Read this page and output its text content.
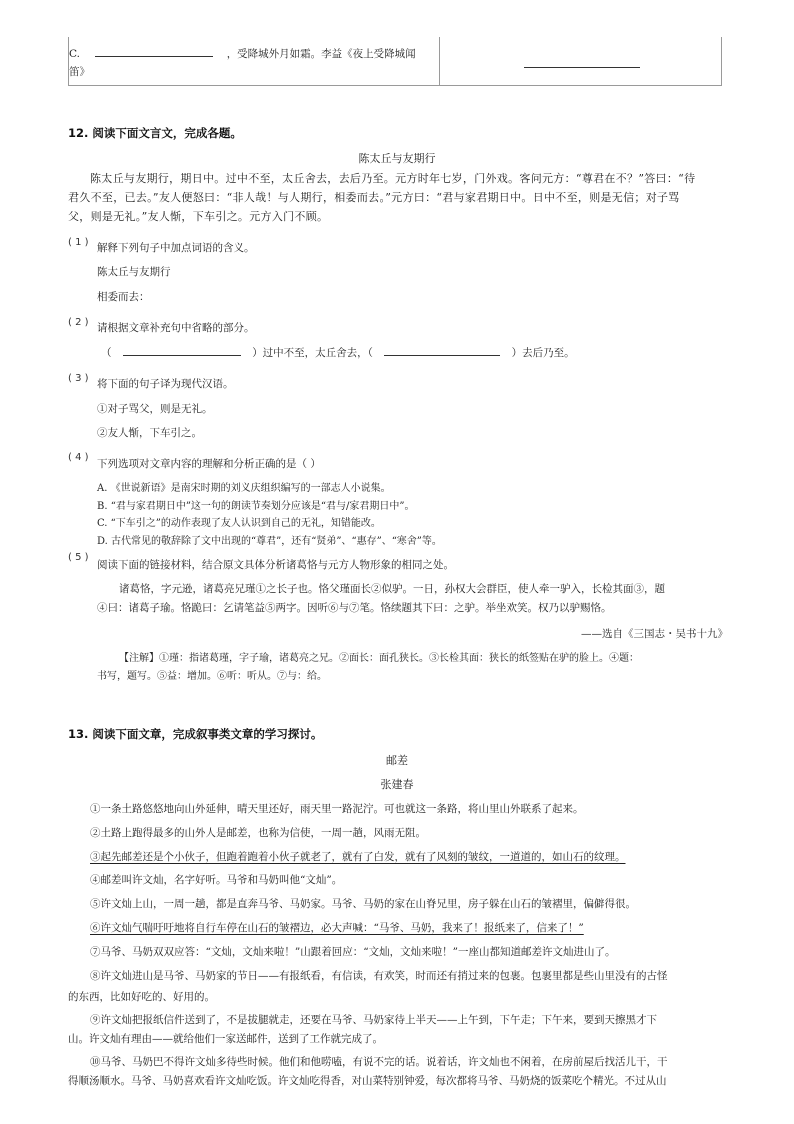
C.	，受降城外月如霜。李益《夜上受降城闻
笛》
12. 阅读下面文言文，完成各题。
陈太丘与友期行
陈太丘与友期行，期日中。过中不至，太丘舍去，去后乃至。元方时年七岁，门外戏。客问元方：“尊君在不？”答曰：“待
君久不至，已去。”友人便怒曰：“非人哉！与人期行，相委而去。”元方曰：“君与家君期日中。日中不至，则是无信；对子骂
父，则是无礼。”友人惭，下车引之。元方入门不顾。
( 1 ) 解释下列句子中加点词语的含义。
陈太丘与友期行
相委而去：
( 2 ) 请根据文章补充句中省略的部分。
（	）过中不至，太丘舍去，（	）去后乃至。
( 3 ) 将下面的句子译为现代汉语。
①对子骂父，则是无礼。
②友人惭，下车引之。
( 4 )
下列选项对文章内容的理解和分析正确的是（ ）
A. 《世说新语》是南宋时期的刘义庆组织编写的一部志人小说集。
B. “君与家君期日中”这一句的朗读节奏划分应该是“君与/家君期日中”。
C. “下车引之”的动作表现了友人认识到自己的无礼，知错能改。
D. 古代常见的敬辞除了文中出现的“尊君”，还有“贤弟”、“惠存”、“寒舍”等。
( 5 )
阅读下面的链接材料，结合原文具体分析诸葛恪与元方人物形象的相同之处。
诸葛恪，字元逊，诸葛亮兄瑾①之长子也。恪父瑾面长②似驴。一日，孙权大会群臣，使人牵一驴入，长检其面③，题
④曰：诸葛子瑜。恪跪曰：乞请笔益⑤两字。因听⑥与⑦笔。恪续题其下曰：之驴。举坐欢笑。权乃以驴赐恪。
——选自《三国志・吴书十九》
【注解】①瑾：指诸葛瑾，字子瑜，诸葛亮之兄。②面长：面孔狭长。③长检其面：狭长的纸签贴在驴的脸上。④题：
书写，题写。⑤益：增加。⑥听：听从。⑦与：给。
13. 阅读下面文章，完成叙事类文章的学习探讨。
邮差
张建春
①一条土路悠悠地向山外延伸，晴天里还好，雨天里一路泥泞。可也就这一条路，将山里山外联系了起来。
②土路上跑得最多的山外人是邮差，也称为信使，一周一趟，风雨无阻。
③起先邮差还是个小伙子，但跑着跑着小伙子就老了，就有了白发，就有了风刻的皱纹，一道道的，如山石的纹理。
④邮差叫许文灿，名字好听。马爷和马奶叫他“文灿”。
⑤许文灿上山，一周一趟，都是直奔马爷、马奶家。马爷、马奶的家在山脊兄里，房子躲在山石的皱褶里，偏僻得很。
⑥许文灿气喘吁吁地将自行车停在山石的皱褶边，必大声喊：“马爷、马奶，我来了！报纸来了，信来了！”
⑦马爷、马奶双双应答：“文灿，文灿来啦！”山跟着回应：“文灿，文灿来啦！”一座山都知道邮差许文灿进山了。
⑧许文灿进山是马爷、马奶家的节日——有报纸看，有信读，有欢笑，时而还有捎过来的包裹。包裹里都是些山里没有的古怪
的东西，比如好吃的、好用的。
⑨许文灿把报纸信件送到了，不是拔腿就走，还要在马爷、马奶家待上半天——上午到，下午走；下午来，要到天擦黑才下
山。许文灿有理由——就给他们一家送邮件，送到了工作就完成了。
⑩马爷、马奶巴不得许文灿多待些时候。他们和他唠嗑，有说不完的话。说着话，许文灿也不闲着，在房前屋后找活儿干，干
得顺汤顺水。马爷、马奶喜欢看许文灿吃饭。许文灿吃得香，对山菜特别钟爱，每次都将马爷、马奶烧的饭菜吃个精光。不过从山
